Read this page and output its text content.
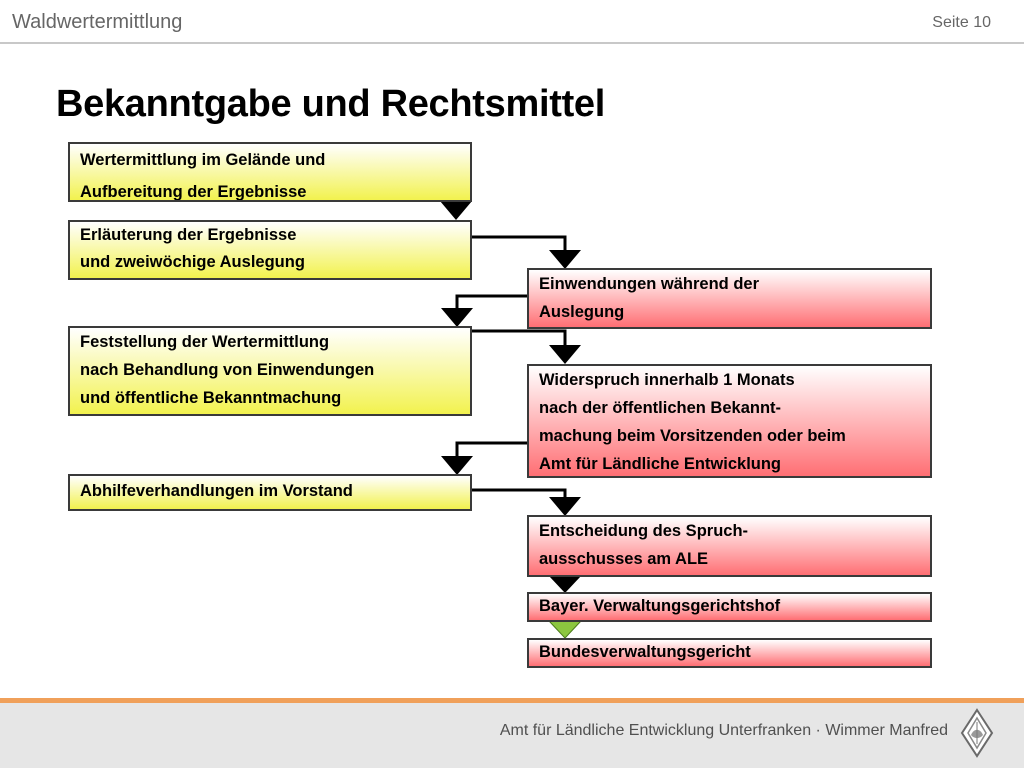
Waldwertermittlung	Seite 10
Bekanntgabe und Rechtsmittel
Wertermittlung im Gelände und
Aufbereitung der Ergebnisse
Erläuterung der Ergebnisse
und zweiwöchige Auslegung
Feststellung der Wertermittlung
nach Behandlung von Einwendungen
und öffentliche Bekanntmachung
Abhilfeverhandlungen im Vorstand
Einwendungen während der
Auslegung
Widerspruch innerhalb 1 Monats
nach der öffentlichen Bekannt-
machung beim Vorsitzenden oder beim
Amt für Ländliche Entwicklung
Entscheidung des Spruch-
ausschusses am ALE
Bayer. Verwaltungsgerichtshof
Bundesverwaltungsgericht
Amt für Ländliche Entwicklung Unterfranken · Wimmer Manfred
